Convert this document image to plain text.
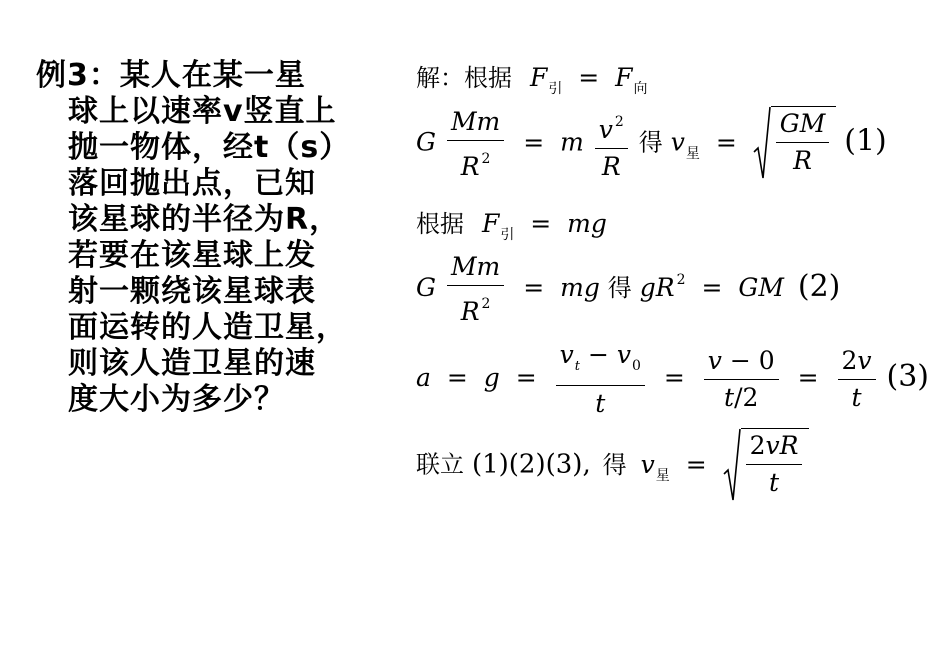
例3：某人在某一星
球上以速率v竖直上
抛一物体，经t（s）
落回抛出点，已知
该星球的半径为R，
若要在该星球上发
射一颗绕该星球表
面运转的人造卫星，
则该人造卫星的速
度大小为多少？
解：根据 $F_引 = F_向$
G $\frac{Mm}{R ^2} = m \frac{v ^2}{R}$ 得 $v_星 = \frac{GM}{R} (1)$
根据 $F_引$ = mg
G $\frac{Mm}{R ^2}$ = mg 得 gR $^2$ = GM (2)
$a = g = \frac{v_t - v_0}{t} = \frac{v - 0}{t/2} = \frac{2v}{t} (3)$
联立 (1)(2)(3), 得 $v_星 = \frac{2vR}{t}$
